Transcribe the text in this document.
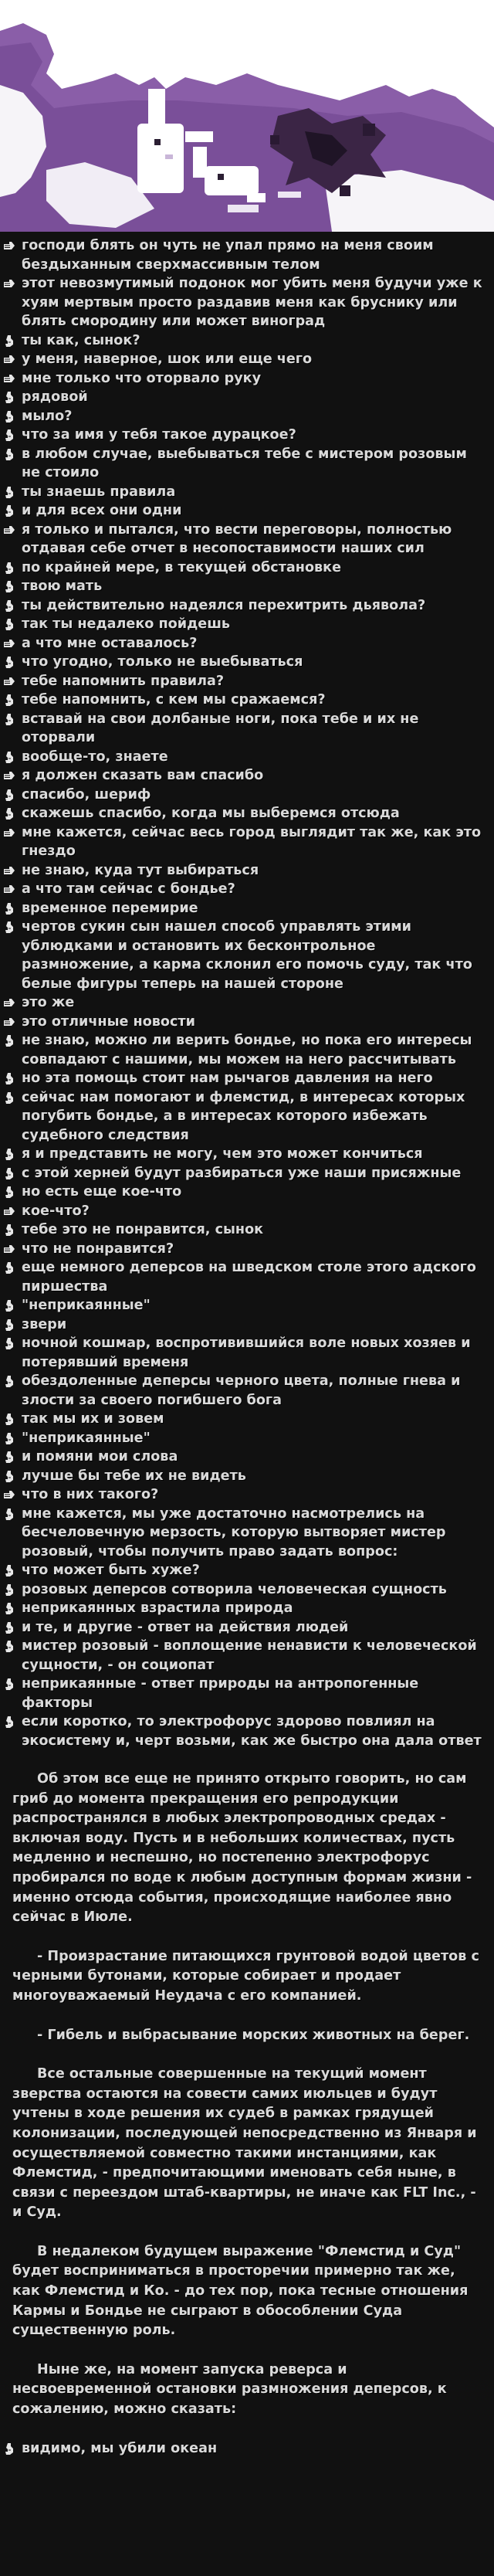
господи блять он чуть не упал прямо на меня своим бездыханным сверхмассивным телом
этот невозмутимый подонок мог убить меня будучи уже к хуям мертвым просто раздавив меня как бруснику или блять смородину или может виноград
ты как, сынок?
у меня, наверное, шок или еще чего
мне только что оторвало руку
рядовой
мыло?
что за имя у тебя такое дурацкое?
в любом случае, выебываться тебе с мистером розовым не стоило
ты знаешь правила
и для всех они одни
я только и пытался, что вести переговоры, полностью отдавая себе отчет в несопоставимости наших сил
по крайней мере, в текущей обстановке
твою мать
ты действительно надеялся перехитрить дьявола?
так ты недалеко пойдешь
а что мне оставалось?
что угодно, только не выебываться
тебе напомнить правила?
тебе напомнить, с кем мы сражаемся?
вставай на свои долбаные ноги, пока тебе и их не оторвали
вообще-то, знаете
я должен сказать вам спасибо
спасибо, шериф
скажешь спасибо, когда мы выберемся отсюда
мне кажется, сейчас весь город выглядит так же, как это гнездо
не знаю, куда тут выбираться
а что там сейчас с бондье?
временное перемирие
чертов сукин сын нашел способ управлять этими ублюдками и остановить их бесконтрольное размножение, а карма склонил его помочь суду, так что белые фигуры теперь на нашей стороне
это же
это отличные новости
не знаю, можно ли верить бондье, но пока его интересы совпадают с нашими, мы можем на него рассчитывать
но эта помощь стоит нам рычагов давления на него
сейчас нам помогают и флемстид, в интересах которых погубить бондье, а в интересах которого избежать судебного следствия
я и представить не могу, чем это может кончиться
с этой херней будут разбираться уже наши присяжные
но есть еще кое-что
кое-что?
тебе это не понравится, сынок
что не понравится?
еще немного деперсов на шведском столе этого адского пиршества
"неприкаянные"
звери
ночной кошмар, воспротивившийся воле новых хозяев и потерявший временя
обездоленные деперсы черного цвета, полные гнева и злости за своего погибшего бога
так мы их и зовем
"неприкаянные"
и помяни мои слова
лучше бы тебе их не видеть
что в них такого?
мне кажется, мы уже достаточно насмотрелись на бесчеловечную мерзость, которую вытворяет мистер розовый, чтобы получить право задать вопрос:
что может быть хуже?
розовых деперсов сотворила человеческая сущность
неприкаянных взрастила природа
и те, и другие - ответ на действия людей
мистер розовый - воплощение ненависти к человеческой сущности, - он социопат
неприкаянные - ответ природы на антропогенные факторы
если коротко, то электрофорус здорово повлиял на экосистему и, черт возьми, как же быстро она дала ответ

Об этом все еще не принято открыто говорить, но сам гриб до момента прекращения его репродукции распространялся в любых электропроводных средах - включая воду. Пусть и в небольших количествах, пусть медленно и неспешно, но постепенно электрофорус пробирался по воде к любым доступным формам жизни - именно отсюда события, происходящие наиболее явно сейчас в Июле.

- Произрастание питающихся грунтовой водой цветов с черными бутонами, которые собирает и продает многоуважаемый Неудача с его компанией.

- Гибель и выбрасывание морских животных на берег.

Все остальные совершенные на текущий момент зверства остаются на совести самих июльцев и будут учтены в ходе решения их судеб в рамках грядущей колонизации, последующей непосредственно из Января и осуществляемой совместно такими инстанциями, как Флемстид, - предпочитающими именовать себя ныне, в связи с переездом штаб-квартиры, не иначе как FLT Inc., - и Суд.

В недалеком будущем выражение "Флемстид и Суд" будет восприниматься в просторечии примерно так же, как Флемстид и Ко. - до тех пор, пока тесные отношения Кармы и Бондье не сыграют в обособлении Суда существенную роль.

Ныне же, на момент запуска реверса и несвоевременной остановки размножения деперсов, к сожалению, можно сказать:

видимо, мы убили океан
